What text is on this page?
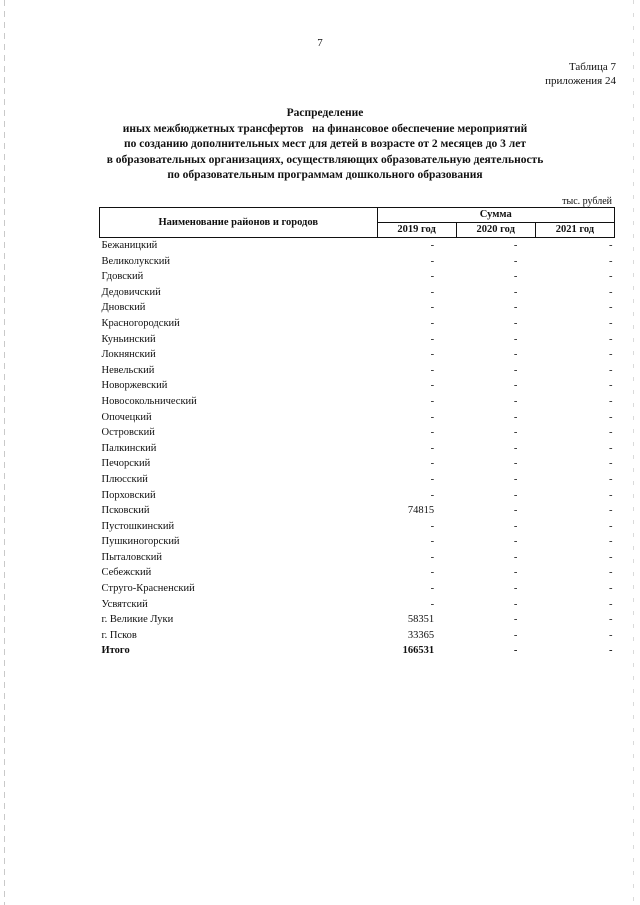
7
Таблица 7
приложения 24
Распределение
иных межбюджетных трансфертов   на финансовое обеспечение мероприятий
по созданию дополнительных мест для детей в возрасте от 2 месяцев до 3 лет
в образовательных организациях, осуществляющих образовательную деятельность
по образовательным программам дошкольного образования
тыс. рублей
Наименование районов и городов	Сумма		
	2019 год	2020 год	2021 год
Бежаницкий	-	-	-
Великолукский	-	-	-
Гдовский	-	-	-
Дедовичский	-	-	-
Дновский	-	-	-
Красногородский	-	-	-
Куньинский	-	-	-
Локнянский	-	-	-
Невельский	-	-	-
Новоржевский	-	-	-
Новосокольнический	-	-	-
Опочецкий	-	-	-
Островский	-	-	-
Палкинский	-	-	-
Печорский	-	-	-
Плюсский	-	-	-
Порховский	-	-	-
Псковский	74815	-	-
Пустошкинский	-	-	-
Пушкиногорский	-	-	-
Пыталовский	-	-	-
Себежский	-	-	-
Струго-Красненский	-	-	-
Усвятский	-	-	-
г. Великие Луки	58351	-	-
г. Псков	33365	-	-
Итого	166531	-	-
